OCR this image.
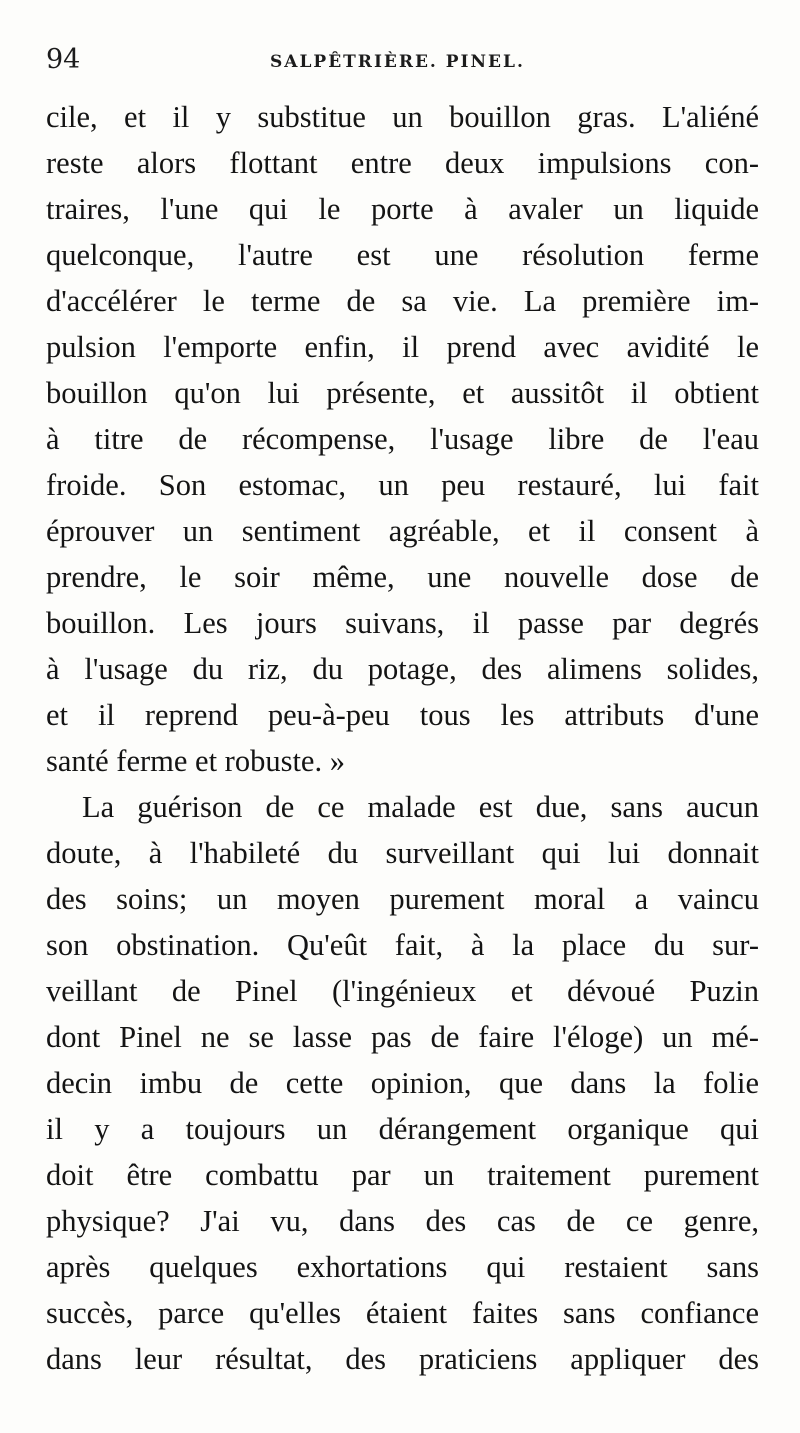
94	SALPÊTRIÈRE. PINEL.
cile, et il y substitue un bouillon gras. L'aliéné
reste alors flottant entre deux impulsions con-
traires, l'une qui le porte à avaler un liquide
quelconque, l'autre est une résolution ferme
d'accélérer le terme de sa vie. La première im-
pulsion l'emporte enfin, il prend avec avidité le
bouillon qu'on lui présente, et aussitôt il obtient
à titre de récompense, l'usage libre de l'eau
froide. Son estomac, un peu restauré, lui fait
éprouver un sentiment agréable, et il consent à
prendre, le soir même, une nouvelle dose de
bouillon. Les jours suivans, il passe par degrés
à l'usage du riz, du potage, des alimens solides,
et il reprend peu-à-peu tous les attributs d'une
santé ferme et robuste. »
La guérison de ce malade est due, sans aucun
doute, à l'habileté du surveillant qui lui donnait
des soins; un moyen purement moral a vaincu
son obstination. Qu'eût fait, à la place du sur-
veillant de Pinel (l'ingénieux et dévoué Puzin
dont Pinel ne se lasse pas de faire l'éloge) un mé-
decin imbu de cette opinion, que dans la folie
il y a toujours un dérangement organique qui
doit être combattu par un traitement purement
physique? J'ai vu, dans des cas de ce genre,
après quelques exhortations qui restaient sans
succès, parce qu'elles étaient faites sans confiance
dans leur résultat, des praticiens appliquer des
